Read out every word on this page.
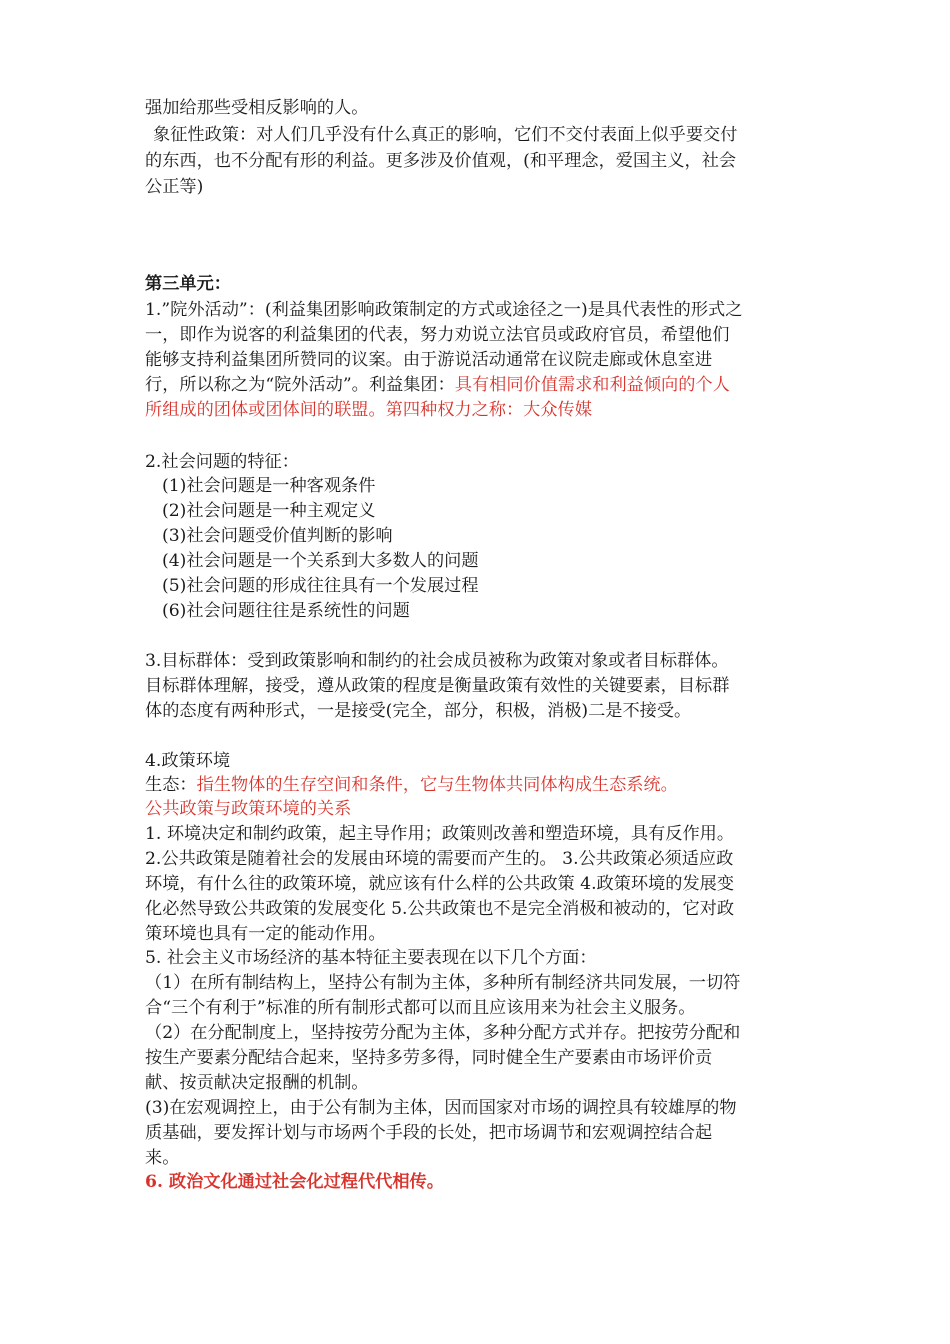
强加给那些受相反影响的人。
象征性政策：对人们几乎没有什么真正的影响，它们不交付表面上似乎要交付
的东西，也不分配有形的利益。更多涉及价值观，(和平理念，爱国主义，社会
公正等)
第三单元：
1.”院外活动”：(利益集团影响政策制定的方式或途径之一)是具代表性的形式之
一，即作为说客的利益集团的代表，努力劝说立法官员或政府官员，希望他们
能够支持利益集团所赞同的议案。由于游说活动通常在议院走廊或休息室进
行，所以称之为“院外活动”。利益集团：具有相同价值需求和利益倾向的个人
所组成的团体或团体间的联盟。第四种权力之称：大众传媒
2.社会问题的特征：
(1)社会问题是一种客观条件
(2)社会问题是一种主观定义
(3)社会问题受价值判断的影响
(4)社会问题是一个关系到大多数人的问题
(5)社会问题的形成往往具有一个发展过程
(6)社会问题往往是系统性的问题
3.目标群体：受到政策影响和制约的社会成员被称为政策对象或者目标群体。
目标群体理解，接受，遵从政策的程度是衡量政策有效性的关键要素，目标群
体的态度有两种形式，一是接受(完全，部分，积极，消极)二是不接受。
4.政策环境
生态：指生物体的生存空间和条件，它与生物体共同体构成生态系统。
公共政策与政策环境的关系
1. 环境决定和制约政策，起主导作用；政策则改善和塑造环境，具有反作用。
2.公共政策是随着社会的发展由环境的需要而产生的。 3.公共政策必须适应政
环境，有什么往的政策环境，就应该有什么样的公共政策 4.政策环境的发展变
化必然导致公共政策的发展变化 5.公共政策也不是完全消极和被动的，它对政
策环境也具有一定的能动作用。
5. 社会主义市场经济的基本特征主要表现在以下几个方面：
（1）在所有制结构上，坚持公有制为主体，多种所有制经济共同发展，一切符
合“三个有利于”标准的所有制形式都可以而且应该用来为社会主义服务。
（2）在分配制度上，坚持按劳分配为主体，多种分配方式并存。把按劳分配和
按生产要素分配结合起来，坚持多劳多得，同时健全生产要素由市场评价贡
献、按贡献决定报酬的机制。
(3)在宏观调控上，由于公有制为主体，因而国家对市场的调控具有较雄厚的物
质基础，要发挥计划与市场两个手段的长处，把市场调节和宏观调控结合起
来。
6. 政治文化通过社会化过程代代相传。
